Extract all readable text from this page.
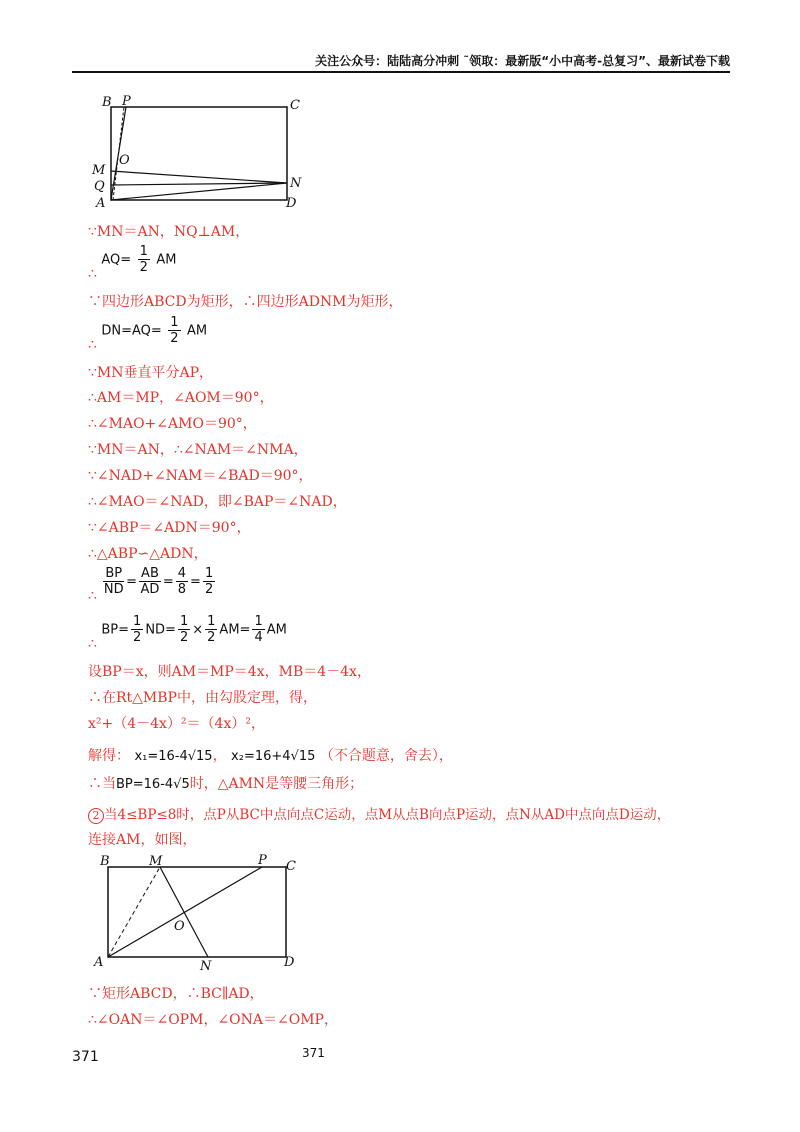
关注公众号：陆陆高分冲刺 ˜领取：最新版“小中高考-总复习”、最新试卷下载
B P	C
M
O
Q	N
A	D
∵MN＝AN，NQ⊥AM，
∴ $AQ= \frac{1}{2}$ AM
∵四边形ABCD为矩形，∴四边形ADNM为矩形，
∴ $DN=AQ= \frac{1}{2}$ AM
∵MN垂直平分AP，
∴AM＝MP，∠AOM＝90°，
∴∠MAO+∠AMO＝90°，
∵MN＝AN，∴∠NAM＝∠NMA，
∵∠NAD+∠NAM＝∠BAD＝90°，
∴∠MAO＝∠NAD，即∠BAP＝∠NAD，
∵∠ABP＝∠ADN＝90°，
∴△ABP∽△ADN，
∴ $\frac{BP}{ND} = \frac{AB}{AD} = \frac{4}{8} = \frac{1}{2}$
∴ $BP= \frac{1}{2} ND= \frac{1}{2} \times \frac{1}{2} AM= \frac{1}{4}$ AM
设BP＝x，则AM＝MP＝4x，MB＝4－4x，
∴在Rt△MBP中，由勾股定理，得，
x²+（4－4x）²＝（4x）²，
解得： x₁=16-4√15， x₂=16+4√15 （不合题意，舍去），
∴当BP=16-4√5时，△AMN是等腰三角形；
2 当4≤BP≤8时，点P从BC中点向点C运动，点M从点B向点P运动，点N从AD中点向点D运动，
连接AM，如图，
B	M	P C
O
A	N	D
∵矩形ABCD，∴BC∥AD，
∴∠OAN＝∠OPM，∠ONA＝∠OMP，
371	371
